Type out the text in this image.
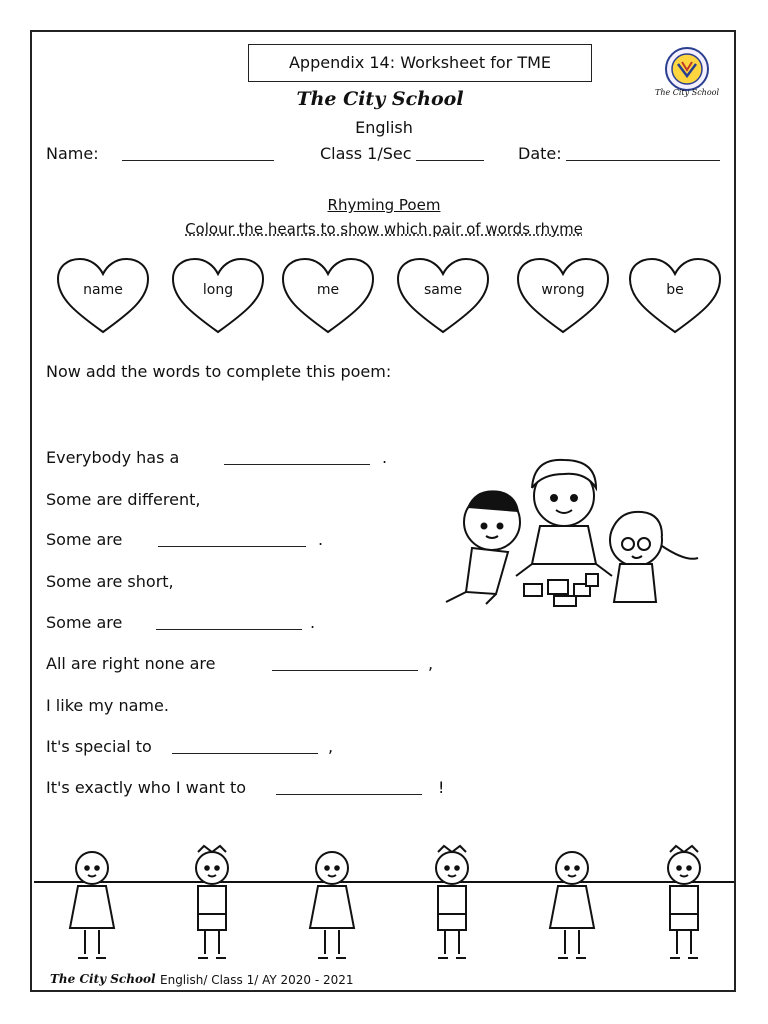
Appendix 14: Worksheet for TME
The City School
The City School
English
Name:	Class 1/Sec	Date:
Rhyming Poem
Colour the hearts to show which pair of words rhyme
name	long	me	same	wrong	be
Now add the words to complete this poem:
Everybody has a	.
Some are different,
Some are	.
Some are short,
Some are	.
All are right none are	,
I like my name.
It's special to	,
It's exactly who I want to	!
The City School English/ Class 1/ AY 2020 - 2021
